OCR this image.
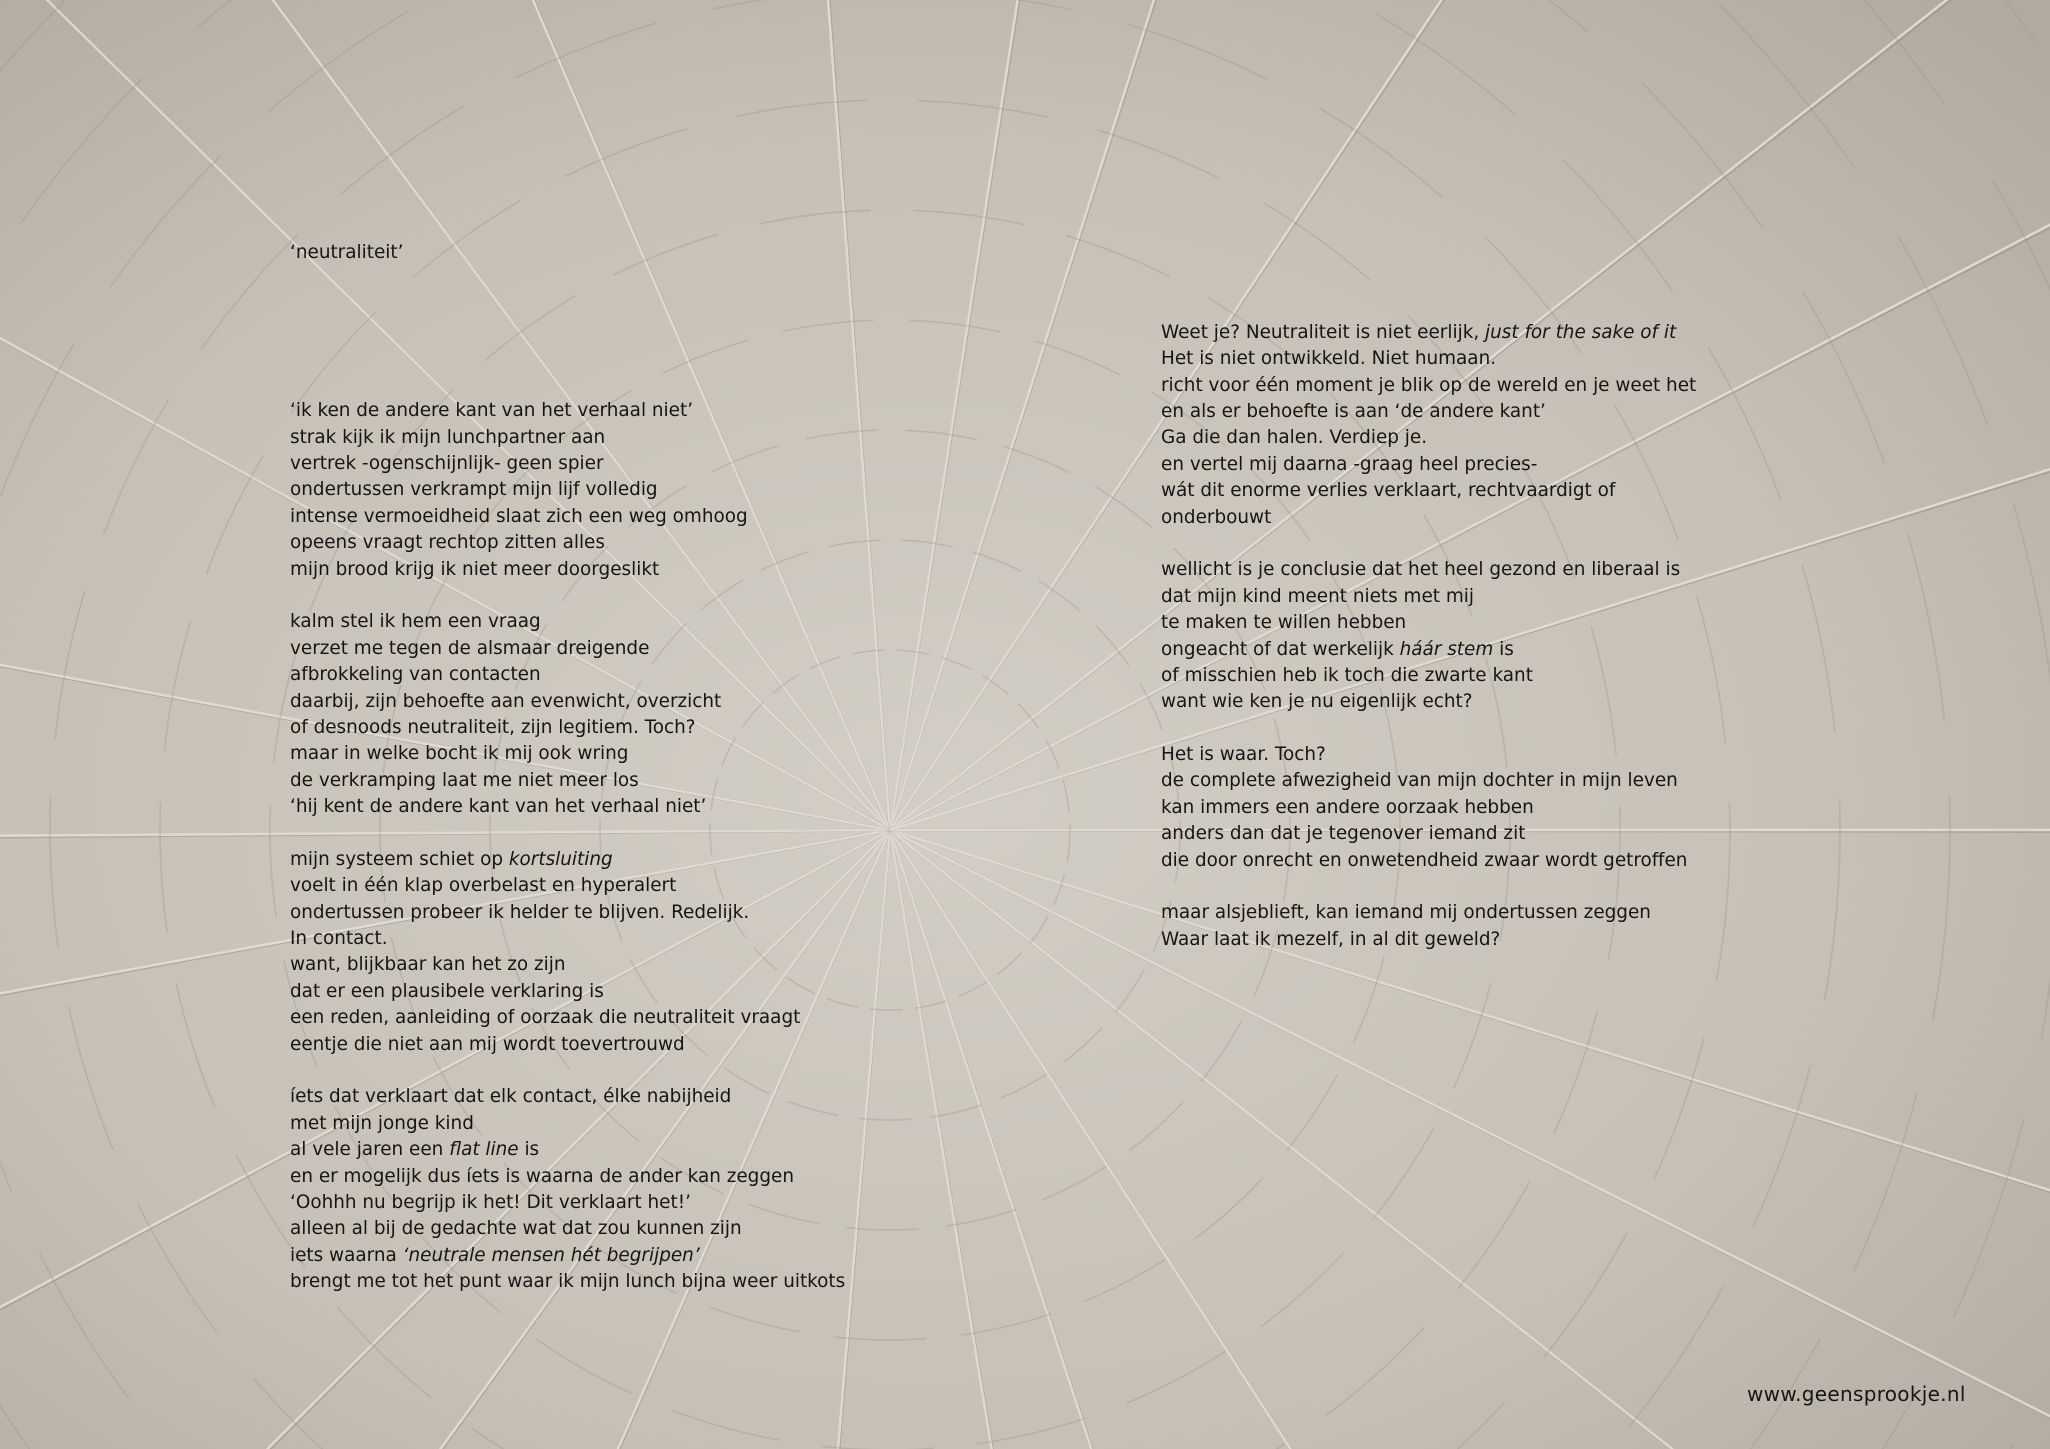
‘neutraliteit’

‘ik ken de andere kant van het verhaal niet’
strak kijk ik mijn lunchpartner aan
vertrek -ogenschijnlijk- geen spier
ondertussen verkrampt mijn lijf volledig
intense vermoeidheid slaat zich een weg omhoog
opeens vraagt rechtop zitten alles
mijn brood krijg ik niet meer doorgeslikt
kalm stel ik hem een vraag
verzet me tegen de alsmaar dreigende
afbrokkeling van contacten
daarbij, zijn behoefte aan evenwicht, overzicht
of desnoods neutraliteit, zijn legitiem. Toch?
maar in welke bocht ik mij ook wring
de verkramping laat me niet meer los
‘hij kent de andere kant van het verhaal niet’
mijn systeem schiet op kortsluiting
voelt in één klap overbelast en hyperalert
ondertussen probeer ik helder te blijven. Redelijk.
In contact.
want, blijkbaar kan het zo zijn
dat er een plausibele verklaring is
een reden, aanleiding of oorzaak die neutraliteit vraagt
eentje die niet aan mij wordt toevertrouwd
íets dat verklaart dat elk contact, élke nabijheid
met mijn jonge kind
al vele jaren een flat line is
en er mogelijk dus íets is waarna de ander kan zeggen
‘Oohhh nu begrijp ik het! Dit verklaart het!’
alleen al bij de gedachte wat dat zou kunnen zijn
iets waarna ‘neutrale mensen hét begrijpen’
brengt me tot het punt waar ik mijn lunch bijna weer uitkots

Weet je? Neutraliteit is niet eerlijk, just for the sake of it
Het is niet ontwikkeld. Niet humaan.
richt voor één moment je blik op de wereld en je weet het
en als er behoefte is aan ‘de andere kant’
Ga die dan halen. Verdiep je.
en vertel mij daarna -graag heel precies-
wát dit enorme verlies verklaart, rechtvaardigt of
onderbouwt
wellicht is je conclusie dat het heel gezond en liberaal is
dat mijn kind meent niets met mij
te maken te willen hebben
ongeacht of dat werkelijk háár stem is
of misschien heb ik toch die zwarte kant
want wie ken je nu eigenlijk echt?
Het is waar. Toch?
de complete afwezigheid van mijn dochter in mijn leven
kan immers een andere oorzaak hebben
anders dan dat je tegenover iemand zit
die door onrecht en onwetendheid zwaar wordt getroffen
maar alsjeblieft, kan iemand mij ondertussen zeggen
Waar laat ik mezelf, in al dit geweld?

www.geensprookje.nl
